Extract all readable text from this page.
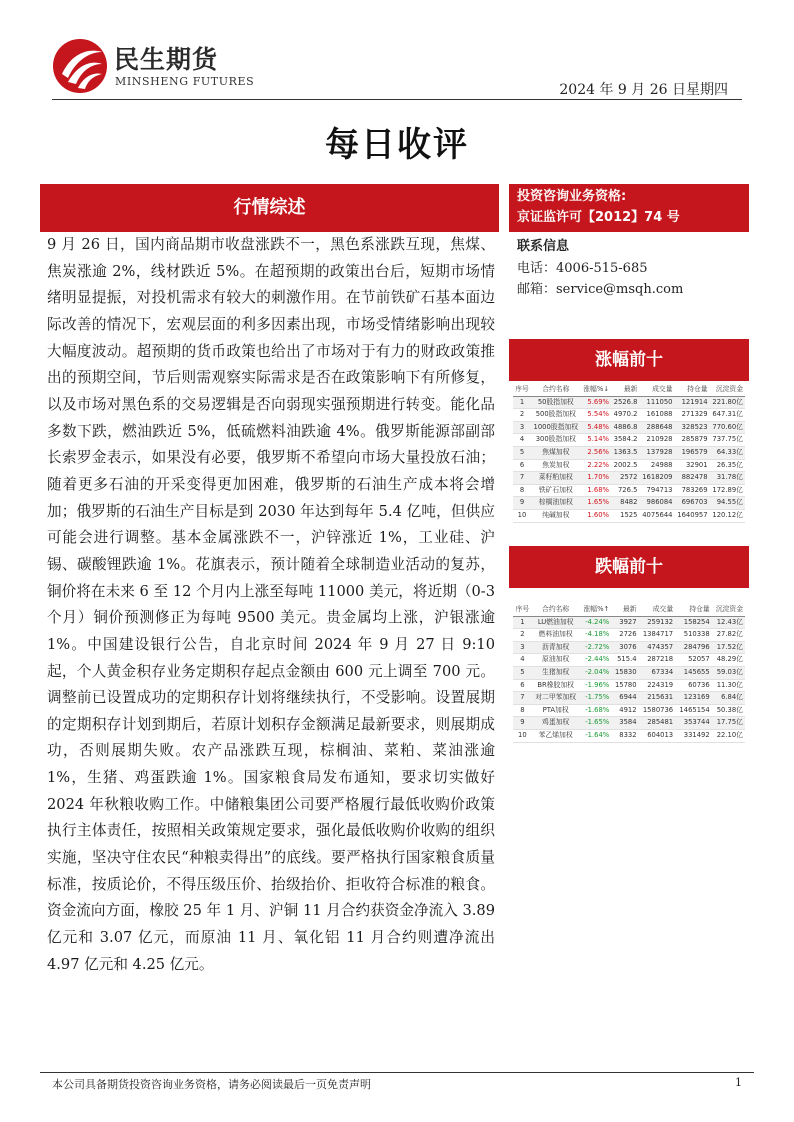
民生期货
MINSHENG FUTURES
2024 年 9 月 26 日星期四
每日收评
行情综述
9 月 26 日，国内商品期市收盘涨跌不一，黑色系涨跌互现，焦煤、焦炭涨逾 2%，线材跌近 5%。在超预期的政策出台后，短期市场情绪明显提振，对投机需求有较大的刺激作用。在节前铁矿石基本面边际改善的情况下，宏观层面的利多因素出现，市场受情绪影响出现较大幅度波动。超预期的货币政策也给出了市场对于有力的财政政策推出的预期空间，节后则需观察实际需求是否在政策影响下有所修复，以及市场对黑色系的交易逻辑是否向弱现实强预期进行转变。能化品多数下跌，燃油跌近 5%，低硫燃料油跌逾 4%。俄罗斯能源部副部长索罗金表示，如果没有必要，俄罗斯不希望向市场大量投放石油；随着更多石油的开采变得更加困难，俄罗斯的石油生产成本将会增加；俄罗斯的石油生产目标是到 2030 年达到每年 5.4 亿吨，但供应可能会进行调整。基本金属涨跌不一，沪锌涨近 1%，工业硅、沪锡、碳酸锂跌逾 1%。花旗表示，预计随着全球制造业活动的复苏，铜价将在未来 6 至 12 个月内上涨至每吨 11000 美元，将近期（0-3 个月）铜价预测修正为每吨 9500 美元。贵金属均上涨，沪银涨逾 1%。中国建设银行公告，自北京时间 2024 年 9 月 27 日 9:10 起，个人黄金积存业务定期积存起点金额由 600 元上调至 700 元。调整前已设置成功的定期积存计划将继续执行，不受影响。设置展期的定期积存计划到期后，若原计划积存金额满足最新要求，则展期成功，否则展期失败。农产品涨跌互现，棕榈油、菜粕、菜油涨逾 1%，生猪、鸡蛋跌逾 1%。国家粮食局发布通知，要求切实做好 2024 年秋粮收购工作。中储粮集团公司要严格履行最低收购价政策执行主体责任，按照相关政策规定要求，强化最低收购价收购的组织实施，坚决守住农民“种粮卖得出”的底线。要严格执行国家粮食质量标准，按质论价，不得压级压价、抬级抬价、拒收符合标准的粮食。资金流向方面，橡胶 25 年 1 月、沪铜 11 月合约获资金净流入 3.89 亿元和 3.07 亿元，而原油 11 月、氧化铝 11 月合约则遭净流出 4.97 亿元和 4.25 亿元。
投资咨询业务资格:
京证监许可【2012】74 号
联系信息
电话：4006-515-685
邮箱：service@msqh.com
涨幅前十
序号	合约名称	涨幅%↓	最新	成交量	持仓量	沉淀资金
1	50股指加权	5.69%	2526.8	111050	121914	221.80亿
2	500股指加权	5.54%	4970.2	161088	271329	647.31亿
3	1000股指加权	5.48%	4886.8	288648	328523	770.60亿
4	300股指加权	5.14%	3584.2	210928	285879	737.75亿
5	焦煤加权	2.56%	1363.5	137928	196579	64.33亿
6	焦炭加权	2.22%	2002.5	24988	32901	26.35亿
7	菜籽粕加权	1.70%	2572	1618209	882478	31.78亿
8	铁矿石加权	1.68%	726.5	794713	783269	172.89亿
9	棕榈油加权	1.65%	8482	986084	696703	94.55亿
10	纯碱加权	1.60%	1525	4075644	1640957	120.12亿
跌幅前十
序号	合约名称	涨幅%↑	最新	成交量	持仓量	沉淀资金
1	LU燃油加权	-4.24%	3927	259132	158254	12.43亿
2	燃料油加权	-4.18%	2726	1384717	510338	27.82亿
3	沥青加权	-2.72%	3076	474357	284796	17.52亿
4	原油加权	-2.44%	515.4	287218	52057	48.29亿
5	生猪加权	-2.04%	15830	67334	145655	59.03亿
6	BR橡胶加权	-1.96%	15780	224319	60736	11.30亿
7	对二甲苯加权	-1.75%	6944	215631	123169	6.84亿
8	PTA加权	-1.68%	4912	1580736	1465154	50.38亿
9	鸡蛋加权	-1.65%	3584	285481	353744	17.75亿
10	苯乙烯加权	-1.64%	8332	604013	331492	22.10亿
本公司具备期货投资咨询业务资格，请务必阅读最后一页免责声明	1
